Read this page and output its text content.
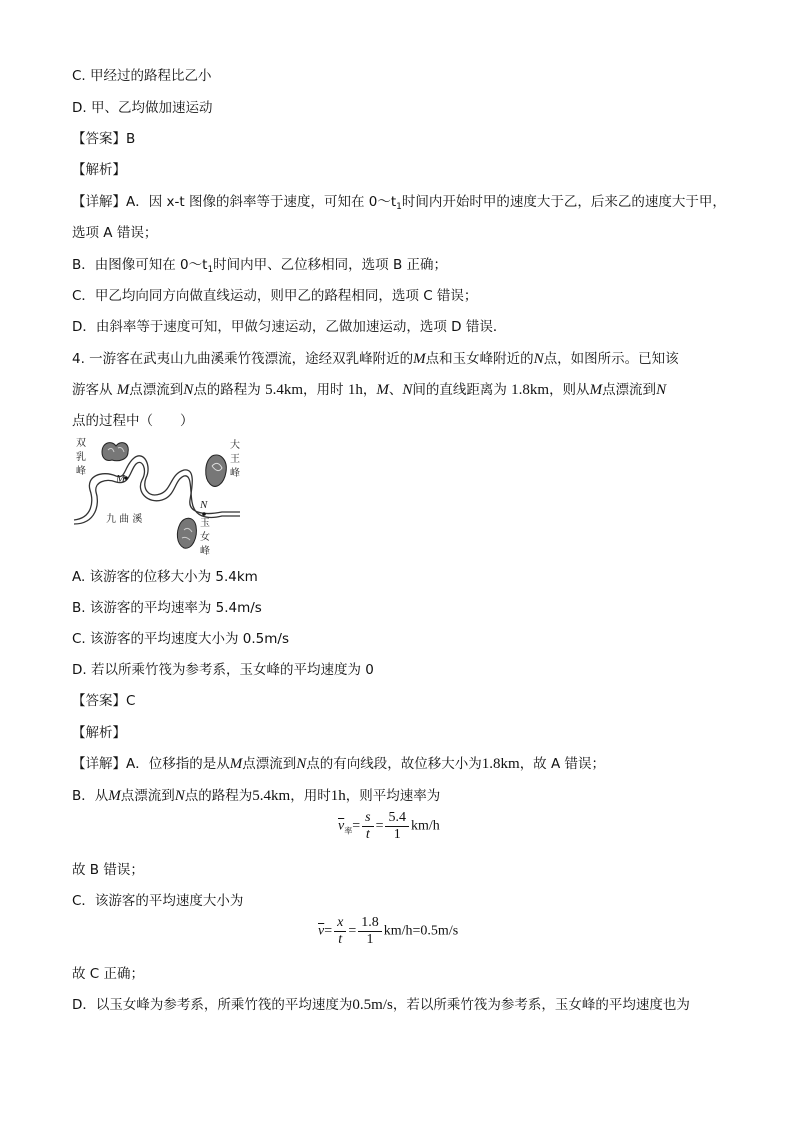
C. 甲经过的路程比乙小
D. 甲、乙均做加速运动
【答案】B
【解析】
【详解】A．因 x-t 图像的斜率等于速度，可知在 $0\sim t_1$时间内开始时甲的速度大于乙，后来乙的速度大于甲，
选项 A 错误；
B．由图像可知在 $0\sim t_1$时间内甲、乙位移相同，选项 B 正确；
C．甲乙均向同方向做直线运动，则甲乙的路程相同，选项 C 错误；
D．由斜率等于速度可知，甲做匀速运动，乙做加速运动，选项 D 错误．
4. 一游客在武夷山九曲溪乘竹筏漂流，途经双乳峰附近的M点和玉女峰附近的N点，如图所示。已知该
游客从 M点漂流到N点的路程为 5.4km，用时 1h，M、N间的直线距离为 1.8km，则从M点漂流到N
点的过程中（　　）
双
乳
峰
大
王
峰
玉
女
峰
九 曲 溪
M
N
A. 该游客的位移大小为 5.4km
B. 该游客的平均速率为 5.4m/s
C. 该游客的平均速度大小为 0.5m/s
D. 若以所乘竹筏为参考系，玉女峰的平均速度为 0
【答案】C
【解析】
【详解】A．位移指的是从M点漂流到N点的有向线段，故位移大小为1.8km，故 A 错误；
B．从M点漂流到N点的路程为5.4km，用时1h，则平均速率为
$\overline{v}_率= \frac{s}{t} = \frac{5.4}{1} km/h$
故 B 错误；
C．该游客的平均速度大小为
$\overline{v}= \frac{x}{t} = \frac{1.8}{1} km/h=0.5m/s$
故 C 正确；
D．以玉女峰为参考系，所乘竹筏的平均速度为0.5m/s，若以所乘竹筏为参考系，玉女峰的平均速度也为
